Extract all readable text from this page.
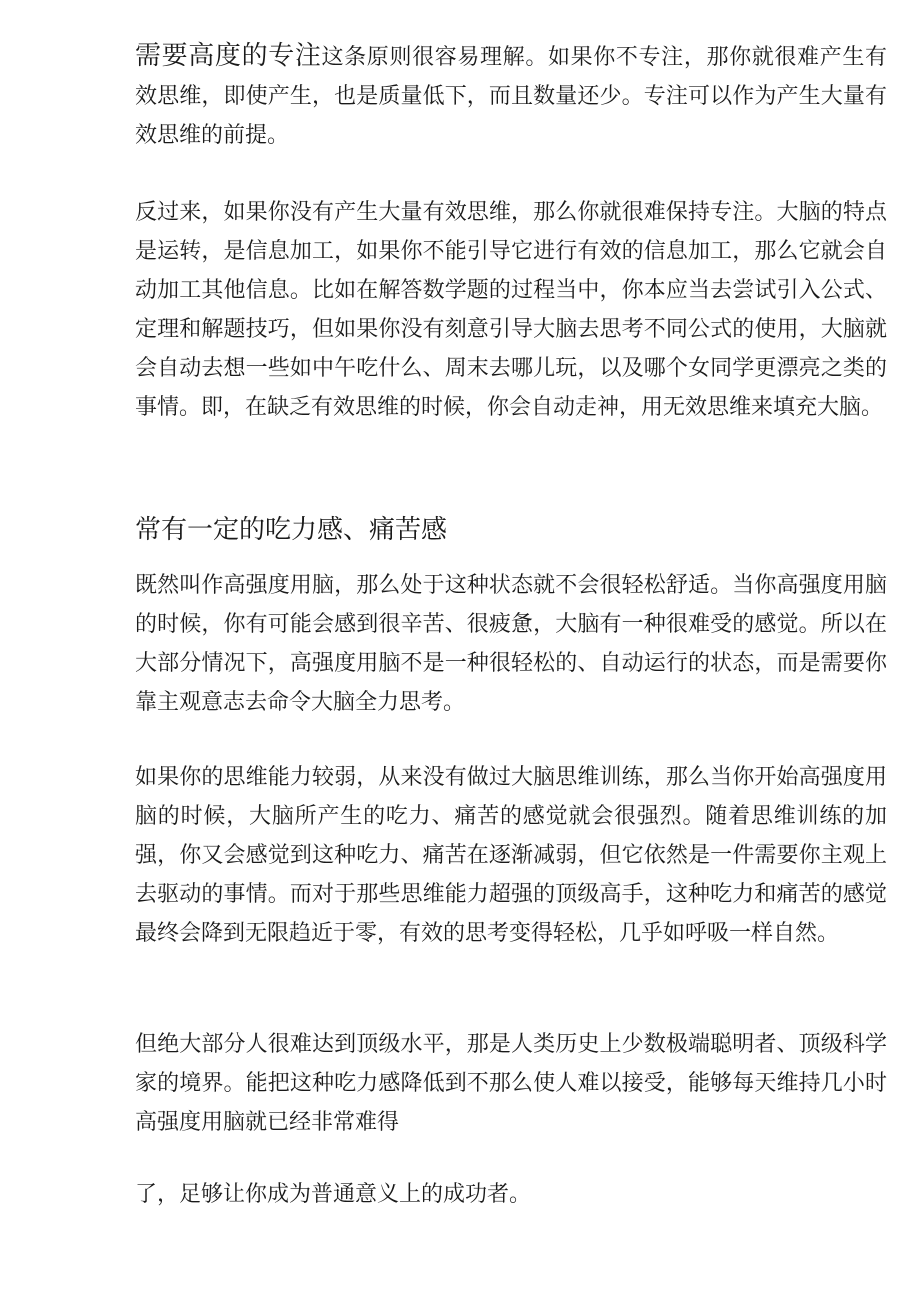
需要高度的专注这条原则很容易理解。如果你不专注，那你就很难产生有效思维，即使产生，也是质量低下，而且数量还少。专注可以作为产生大量有效思维的前提。

反过来，如果你没有产生大量有效思维，那么你就很难保持专注。大脑的特点是运转，是信息加工，如果你不能引导它进行有效的信息加工，那么它就会自动加工其他信息。比如在解答数学题的过程当中，你本应当去尝试引入公式、定理和解题技巧，但如果你没有刻意引导大脑去思考不同公式的使用，大脑就会自动去想一些如中午吃什么、周末去哪儿玩，以及哪个女同学更漂亮之类的事情。即，在缺乏有效思维的时候，你会自动走神，用无效思维来填充大脑。

常有一定的吃力感、痛苦感

既然叫作高强度用脑，那么处于这种状态就不会很轻松舒适。当你高强度用脑的时候，你有可能会感到很辛苦、很疲惫，大脑有一种很难受的感觉。所以在大部分情况下，高强度用脑不是一种很轻松的、自动运行的状态，而是需要你靠主观意志去命令大脑全力思考。

如果你的思维能力较弱，从来没有做过大脑思维训练，那么当你开始高强度用脑的时候，大脑所产生的吃力、痛苦的感觉就会很强烈。随着思维训练的加强，你又会感觉到这种吃力、痛苦在逐渐减弱，但它依然是一件需要你主观上去驱动的事情。而对于那些思维能力超强的顶级高手，这种吃力和痛苦的感觉最终会降到无限趋近于零，有效的思考变得轻松，几乎如呼吸一样自然。

但绝大部分人很难达到顶级水平，那是人类历史上少数极端聪明者、顶级科学家的境界。能把这种吃力感降低到不那么使人难以接受，能够每天维持几小时高强度用脑就已经非常难得

了，足够让你成为普通意义上的成功者。
